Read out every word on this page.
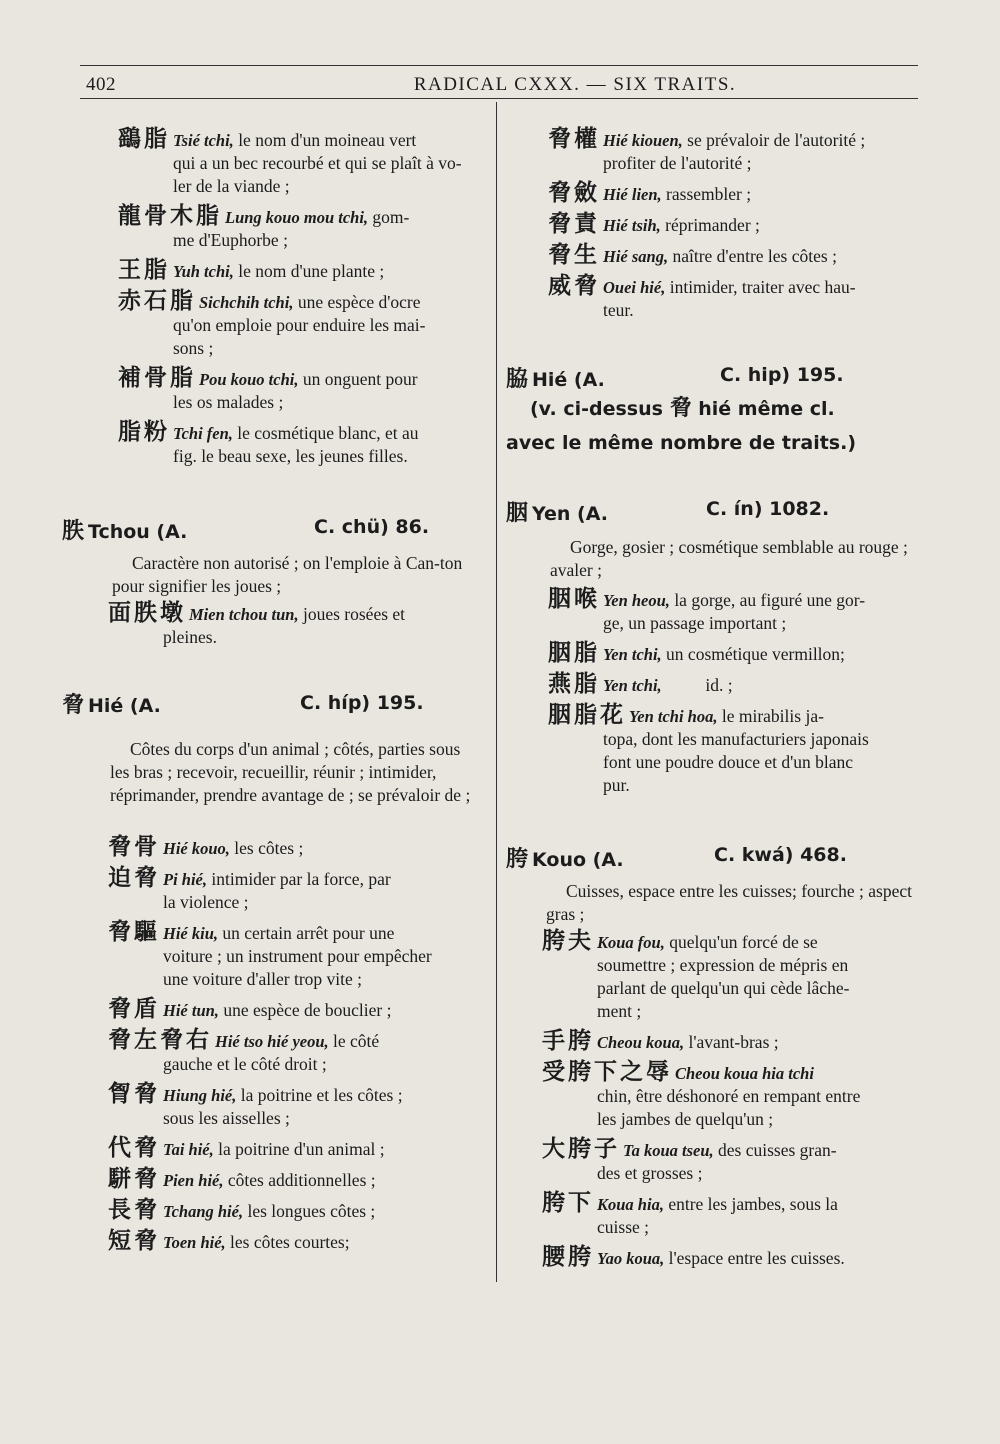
402	RADICAL CXXX. — SIX TRAITS.
鷂脂 Tsié tchi, le nom d'un moineau vert
qui a un bec recourbé et qui se plaît à vo-
ler de la viande ;
龍骨木脂 Lung kouo mou tchi, gom-
me d'Euphorbe ;
王脂 Yuh tchi, le nom d'une plante ;
赤石脂 Sichchih tchi, une espèce d'ocre
qu'on emploie pour enduire les mai-
sons ;
補骨脂 Pou kouo tchi, un onguent pour
les os malades ;
脂粉 Tchi fen, le cosmétique blanc, et au
fig. le beau sexe, les jeunes filles.
胅 Tchou (A.	C. chü) 86.
Caractère non autorisé ; on l'emploie à Can-ton pour signifier les joues ;
面胅墩 Mien tchou tun, joues rosées et
pleines.
脅 Hié (A.	C. híp) 195.
Côtes du corps d'un animal ; côtés, parties sous les bras ; recevoir, recueillir, réunir ; intimider, réprimander, prendre avantage de ; se prévaloir de ;
脅骨 Hié kouo, les côtes ;
迫脅 Pi hié, intimider par la force, par
la violence ;
脅驅 Hié kiu, un certain arrêt pour une
voiture ; un instrument pour empêcher
une voiture d'aller trop vite ;
脅盾 Hié tun, une espèce de bouclier ;
脅左脅右 Hié tso hié yeou, le côté
gauche et le côté droit ;
胷脅 Hiung hié, la poitrine et les côtes ;
sous les aisselles ;
代脅 Tai hié, la poitrine d'un animal ;
駢脅 Pien hié, côtes additionnelles ;
長脅 Tchang hié, les longues côtes ;
短脅 Toen hié, les côtes courtes;
脅權 Hié kiouen, se prévaloir de l'autorité ;
profiter de l'autorité ;
脅斂 Hié lien, rassembler ;
脅責 Hié tsih, réprimander ;
脅生 Hié sang, naître d'entre les côtes ;
威脅 Ouei hié, intimider, traiter avec hau-
teur.
脇 Hié (A.	C. hip) 195.
(v. ci-dessus 脅 hié même cl.
avec le même nombre de traits.)
胭 Yen (A.	C. ín) 1082.
Gorge, gosier ; cosmétique semblable au rouge ; avaler ;
胭喉 Yen heou, la gorge, au figuré une gor-
ge, un passage important ;
胭脂 Yen tchi, un cosmétique vermillon;
燕脂 Yen tchi,          id. ;
胭脂花 Yen tchi hoa, le mirabilis ja-
topa, dont les manufacturiers japonais
font une poudre douce et d'un blanc
pur.
胯 Kouo (A.	C. kwá) 468.
Cuisses, espace entre les cuisses; fourche ; aspect gras ;
胯夫 Koua fou, quelqu'un forcé de se
soumettre ; expression de mépris en
parlant de quelqu'un qui cède lâche-
ment ;
手胯 Cheou koua, l'avant-bras ;
受胯下之辱 Cheou koua hia tchi
chin, être déshonoré en rempant entre
les jambes de quelqu'un ;
大胯子 Ta koua tseu, des cuisses gran-
des et grosses ;
胯下 Koua hia, entre les jambes, sous la
cuisse ;
腰胯 Yao koua, l'espace entre les cuisses.
